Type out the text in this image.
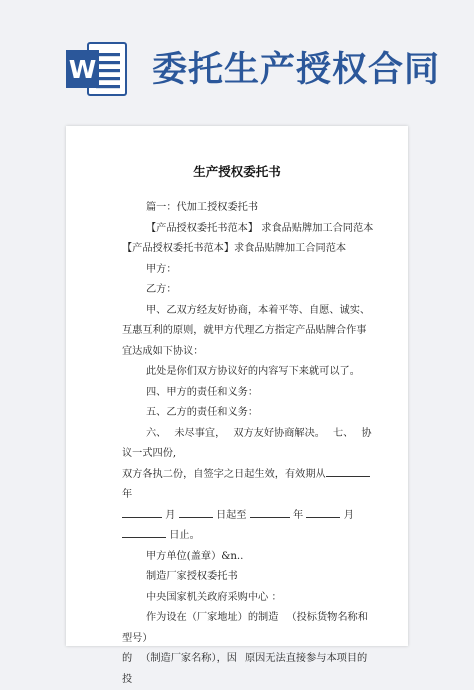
W 委托生产授权合同
生产授权委托书

篇一：代加工授权委托书

【产品授权委托书范本】 求食品贴牌加工合同范本 【产品授权委托书范本】求食品贴牌加工合同范本

甲方：

乙方：

甲、乙双方经友好协商，本着平等、自愿、诚实、互惠互利的原则，就甲方代理乙方指定产品贴牌合作事宜达成如下协议：

此处是你们双方协议好的内容写下来就可以了。

四、甲方的责任和义务：

五、乙方的责任和义务：

六、 未尽事宜， 双方友好协商解决。 七、 协议一式四份,

双方各执二份，自签字之日起生效，有效期从年

月	日起至	年	月

日止。

甲方单位(盖章）&n..

制造厂家授权委托书

中央国家机关政府采购中心 ：

作为设在（厂家地址）的制造 （投标货物名称和型号）

的 （制造厂家名称），因 原因无法直接参与本项目的投
